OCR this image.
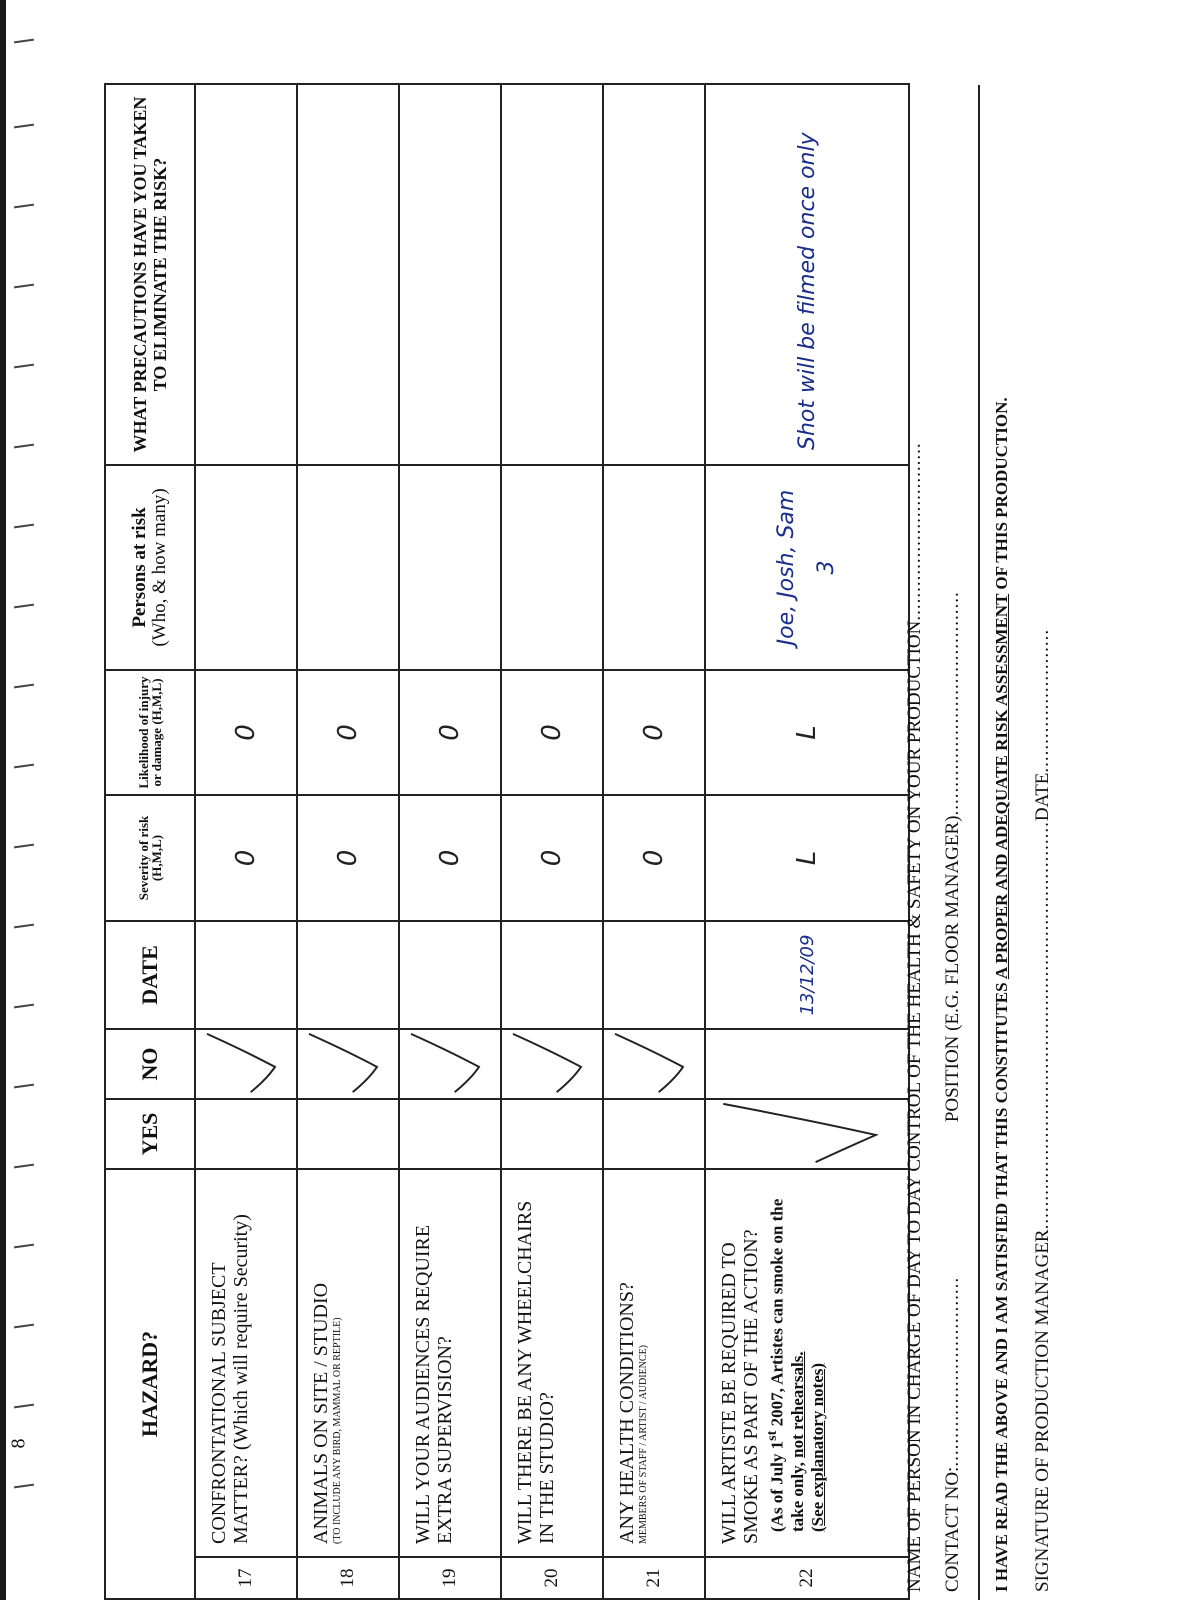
HAZARD?		YES	NO	DATE	Severity of risk (H,M,L)	Likelihood of injury or damage (H,M,L)	Persons at risk
(Who, & how many)	WHAT PRECAUTIONS HAVE YOU TAKEN TO ELIMINATE THE RISK?
17	CONFRONTATIONAL SUBJECT MATTER? (Which will require Security)				0	0		
18	ANIMALS ON SITE / STUDIO (TO INCLUDE ANY BIRD, MAMMAL OR REPTILE)				0	0		
19	WILL YOUR AUDIENCES REQUIRE EXTRA SUPERVISION?				0	0		
20	WILL THERE BE ANY WHEELCHAIRS IN THE STUDIO?				0	0		
21	ANY HEALTH CONDITIONS? MEMBERS OF STAFF / ARTIST / AUDIENCE)				0	0		
22	WILL ARTISTE BE REQUIRED TO SMOKE AS PART OF THE ACTION? (As of July 1st 2007, Artistes can smoke on the take only, not rehearsals.
(See explanatory notes)			13/12/09	L	L	Joe, Josh, Sam 3	Shot will be filmed once only
NAME OF PERSON IN CHARGE OF DAY TO DAY CONTROL OF THE HEALTH & SAFETY ON YOUR PRODUCTION...............................
CONTACT NO:................................. POSITION (E.G. FLOOR MANAGER).......................................
I HAVE READ THE ABOVE AND I AM SATISFIED THAT THIS CONSTITUTES A PROPER AND ADEQUATE RISK ASSESSMENT OF THIS PRODUCTION.
SIGNATURE OF PRODUCTION MANAGER.......................................................................DATE.........................
8
